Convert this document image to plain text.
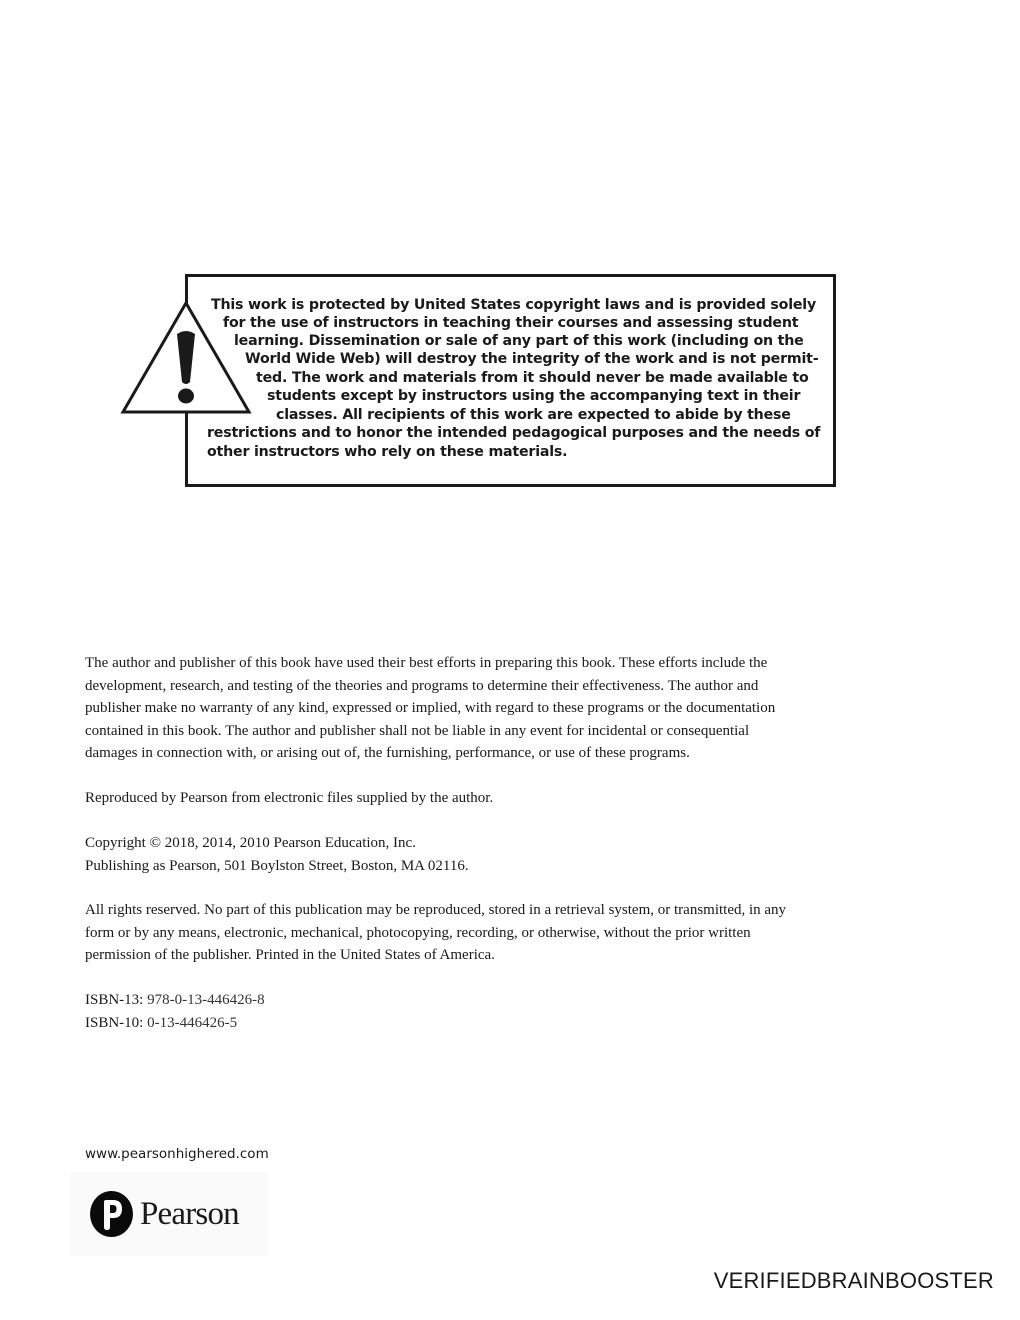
This work is protected by United States copyright laws and is provided solely
for the use of instructors in teaching their courses and assessing student
learning. Dissemination or sale of any part of this work (including on the
World Wide Web) will destroy the integrity of the work and is not permit-
ted. The work and materials from it should never be made available to
students except by instructors using the accompanying text in their
classes. All recipients of this work are expected to abide by these
restrictions and to honor the intended pedagogical purposes and the needs of
other instructors who rely on these materials.

The author and publisher of this book have used their best efforts in preparing this book. These efforts include the
development, research, and testing of the theories and programs to determine their effectiveness. The author and
publisher make no warranty of any kind, expressed or implied, with regard to these programs or the documentation
contained in this book. The author and publisher shall not be liable in any event for incidental or consequential
damages in connection with, or arising out of, the furnishing, performance, or use of these programs.

Reproduced by Pearson from electronic files supplied by the author.

Copyright © 2018, 2014, 2010 Pearson Education, Inc.
Publishing as Pearson, 501 Boylston Street, Boston, MA 02116.

All rights reserved. No part of this publication may be reproduced, stored in a retrieval system, or transmitted, in any
form or by any means, electronic, mechanical, photocopying, recording, or otherwise, without the prior written
permission of the publisher. Printed in the United States of America.

ISBN-13: 978-0-13-446426-8
ISBN-10: 0-13-446426-5

www.pearsonhighered.com
Pearson
VERIFIEDBRAINBOOSTER
